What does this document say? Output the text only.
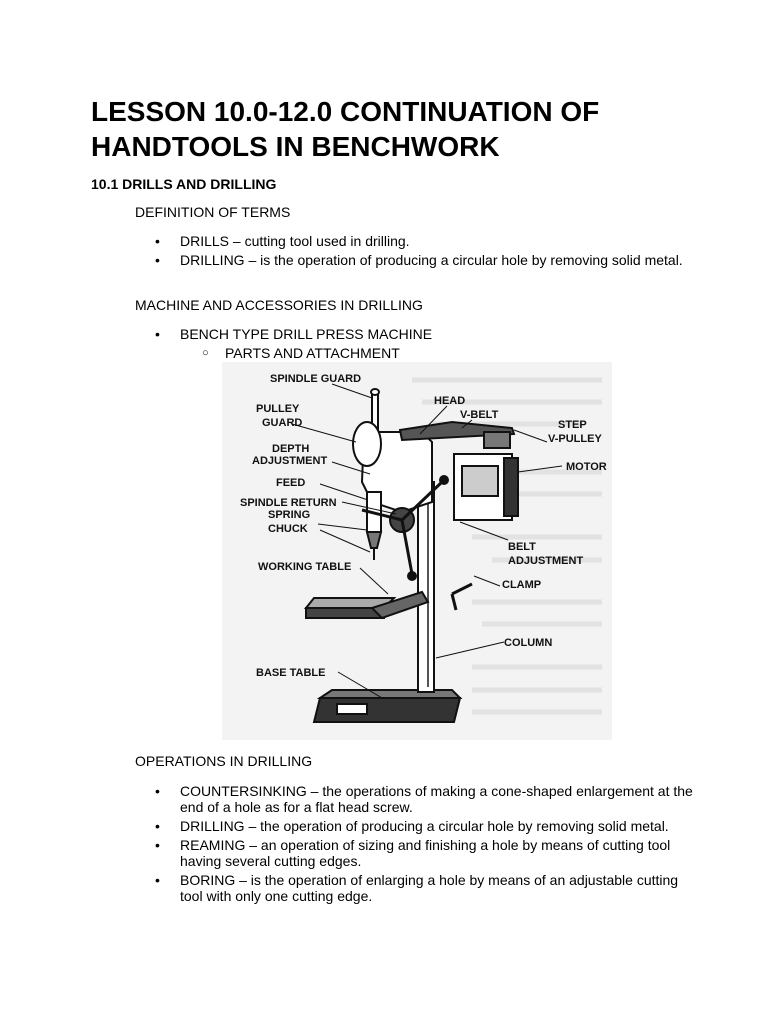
LESSON 10.0-12.0 CONTINUATION OF HANDTOOLS IN BENCHWORK
10.1 DRILLS AND DRILLING

DEFINITION OF TERMS

• DRILLS – cutting tool used in drilling.
• DRILLING – is the operation of producing a circular hole by removing solid metal.

MACHINE AND ACCESSORIES IN DRILLING

• BENCH TYPE DRILL PRESS MACHINE
○ PARTS AND ATTACHMENT
SPINDLE GUARD
PULLEY
GUARD
HEAD
V-BELT
STEP
V-PULLEY
DEPTH
ADJUSTMENT	MOTOR
FEED
SPINDLE RETURN
SPRING
CHUCK
BELT
ADJUSTMENT
WORKING TABLE
CLAMP
COLUMN
BASE TABLE

OPERATIONS IN DRILLING

• COUNTERSINKING – the operations of making a cone-shaped enlargement at the end of a hole as for a flat head screw.
• DRILLING – the operation of producing a circular hole by removing solid metal.
• REAMING – an operation of sizing and finishing a hole by means of cutting tool having several cutting edges.
• BORING – is the operation of enlarging a hole by means of an adjustable cutting tool with only one cutting edge.
